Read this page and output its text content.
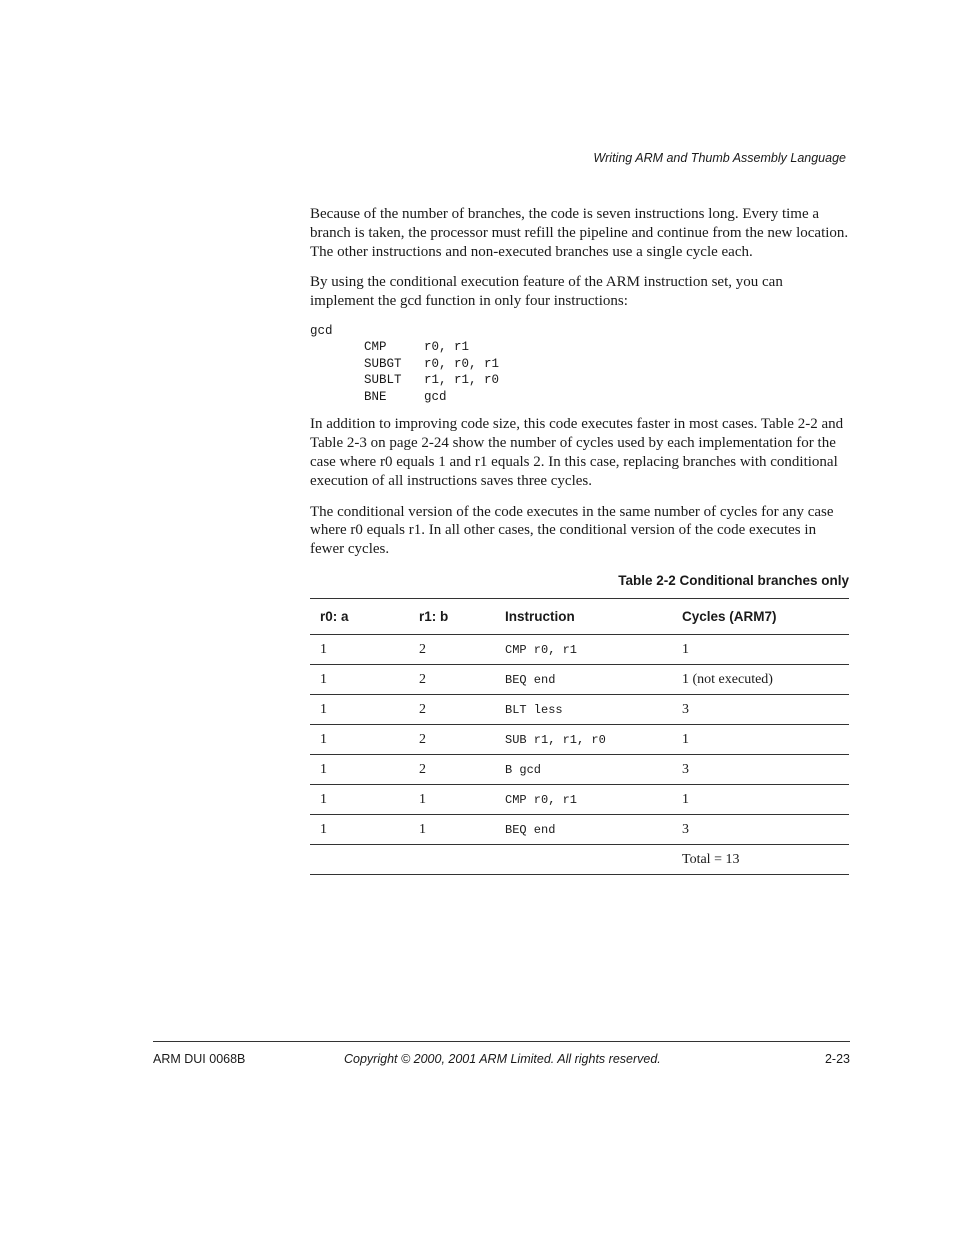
Writing ARM and Thumb Assembly Language

Because of the number of branches, the code is seven instructions long. Every time a branch is taken, the processor must refill the pipeline and continue from the new location. The other instructions and non-executed branches use a single cycle each.

By using the conditional execution feature of the ARM instruction set, you can implement the gcd function in only four instructions:

gcd
CMP	r0, r1
SUBGT	r0, r0, r1
SUBLT	r1, r1, r0
BNE	gcd

In addition to improving code size, this code executes faster in most cases. Table 2-2 and Table 2-3 on page 2-24 show the number of cycles used by each implementation for the case where r0 equals 1 and r1 equals 2. In this case, replacing branches with conditional execution of all instructions saves three cycles.

The conditional version of the code executes in the same number of cycles for any case where r0 equals r1. In all other cases, the conditional version of the code executes in fewer cycles.

Table 2-2 Conditional branches only
r0: a	r1: b	Instruction	Cycles (ARM7)
1	2	CMP r0, r1	1
1	2	BEQ end	1 (not executed)
1	2	BLT less	3
1	2	SUB r1, r1, r0	1
1	2	B gcd	3
1	1	CMP r0, r1	1
1	1	BEQ end	3
			Total = 13
ARM DUI 0068B	Copyright © 2000, 2001 ARM Limited. All rights reserved.	2-23
